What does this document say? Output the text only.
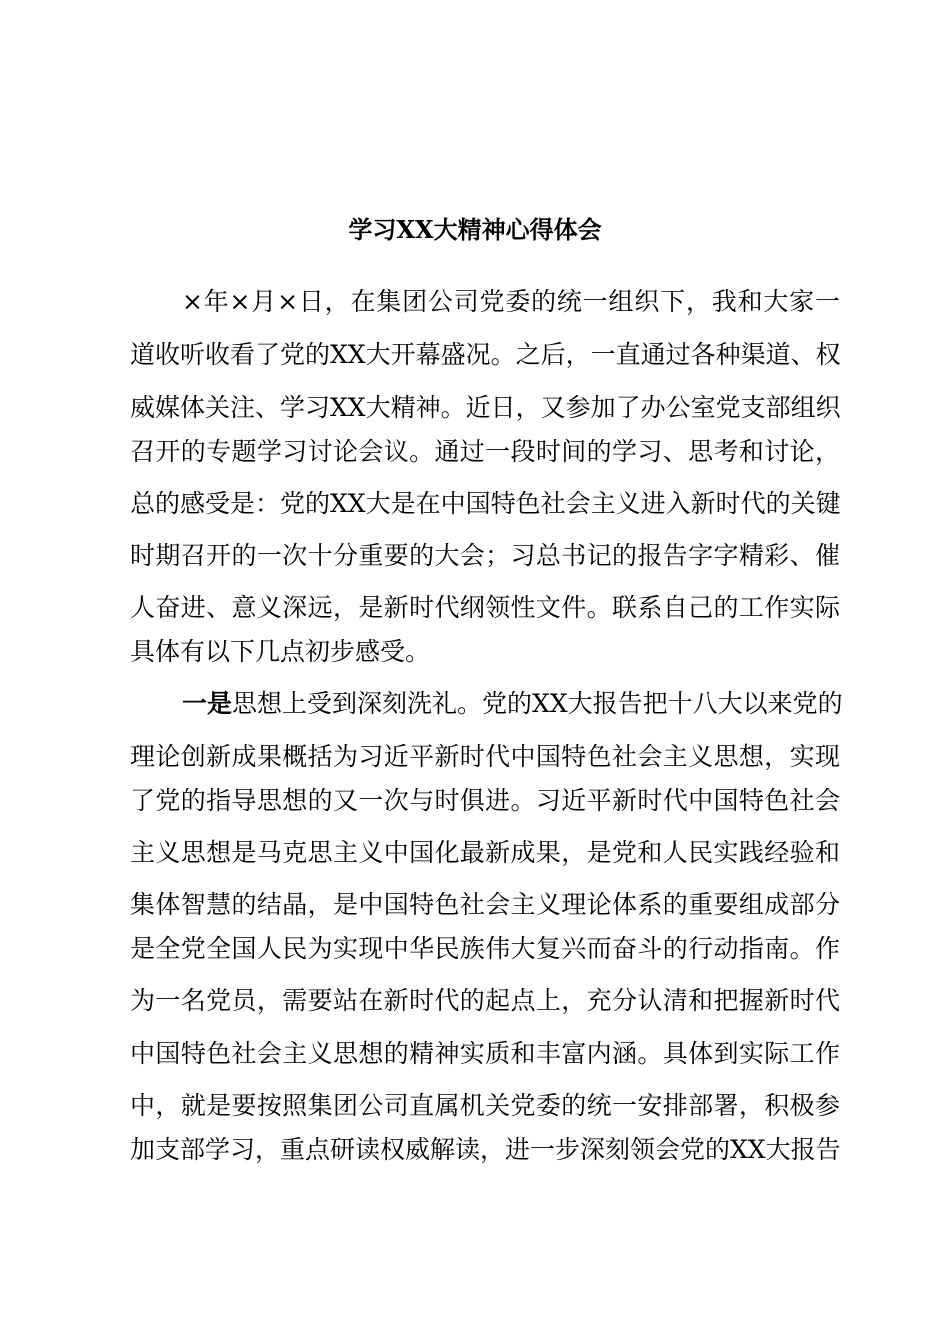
学习XX大精神心得体会
×年×月×日，在集团公司党委的统一组织下，我和大家一
道收听收看了党的XX大开幕盛况。之后，一直通过各种渠道、权
威媒体关注、学习XX大精神。近日，又参加了办公室党支部组织
召开的专题学习讨论会议。通过一段时间的学习、思考和讨论，
总的感受是：党的XX大是在中国特色社会主义进入新时代的关键
时期召开的一次十分重要的大会；习总书记的报告字字精彩、催
人奋进、意义深远，是新时代纲领性文件。联系自己的工作实际
具体有以下几点初步感受。
一是思想上受到深刻洗礼。党的XX大报告把十八大以来党的
理论创新成果概括为习近平新时代中国特色社会主义思想，实现
了党的指导思想的又一次与时俱进。习近平新时代中国特色社会
主义思想是马克思主义中国化最新成果，是党和人民实践经验和
集体智慧的结晶，是中国特色社会主义理论体系的重要组成部分
是全党全国人民为实现中华民族伟大复兴而奋斗的行动指南。作
为一名党员，需要站在新时代的起点上，充分认清和把握新时代
中国特色社会主义思想的精神实质和丰富内涵。具体到实际工作
中，就是要按照集团公司直属机关党委的统一安排部署，积极参
加支部学习，重点研读权威解读，进一步深刻领会党的XX大报告
